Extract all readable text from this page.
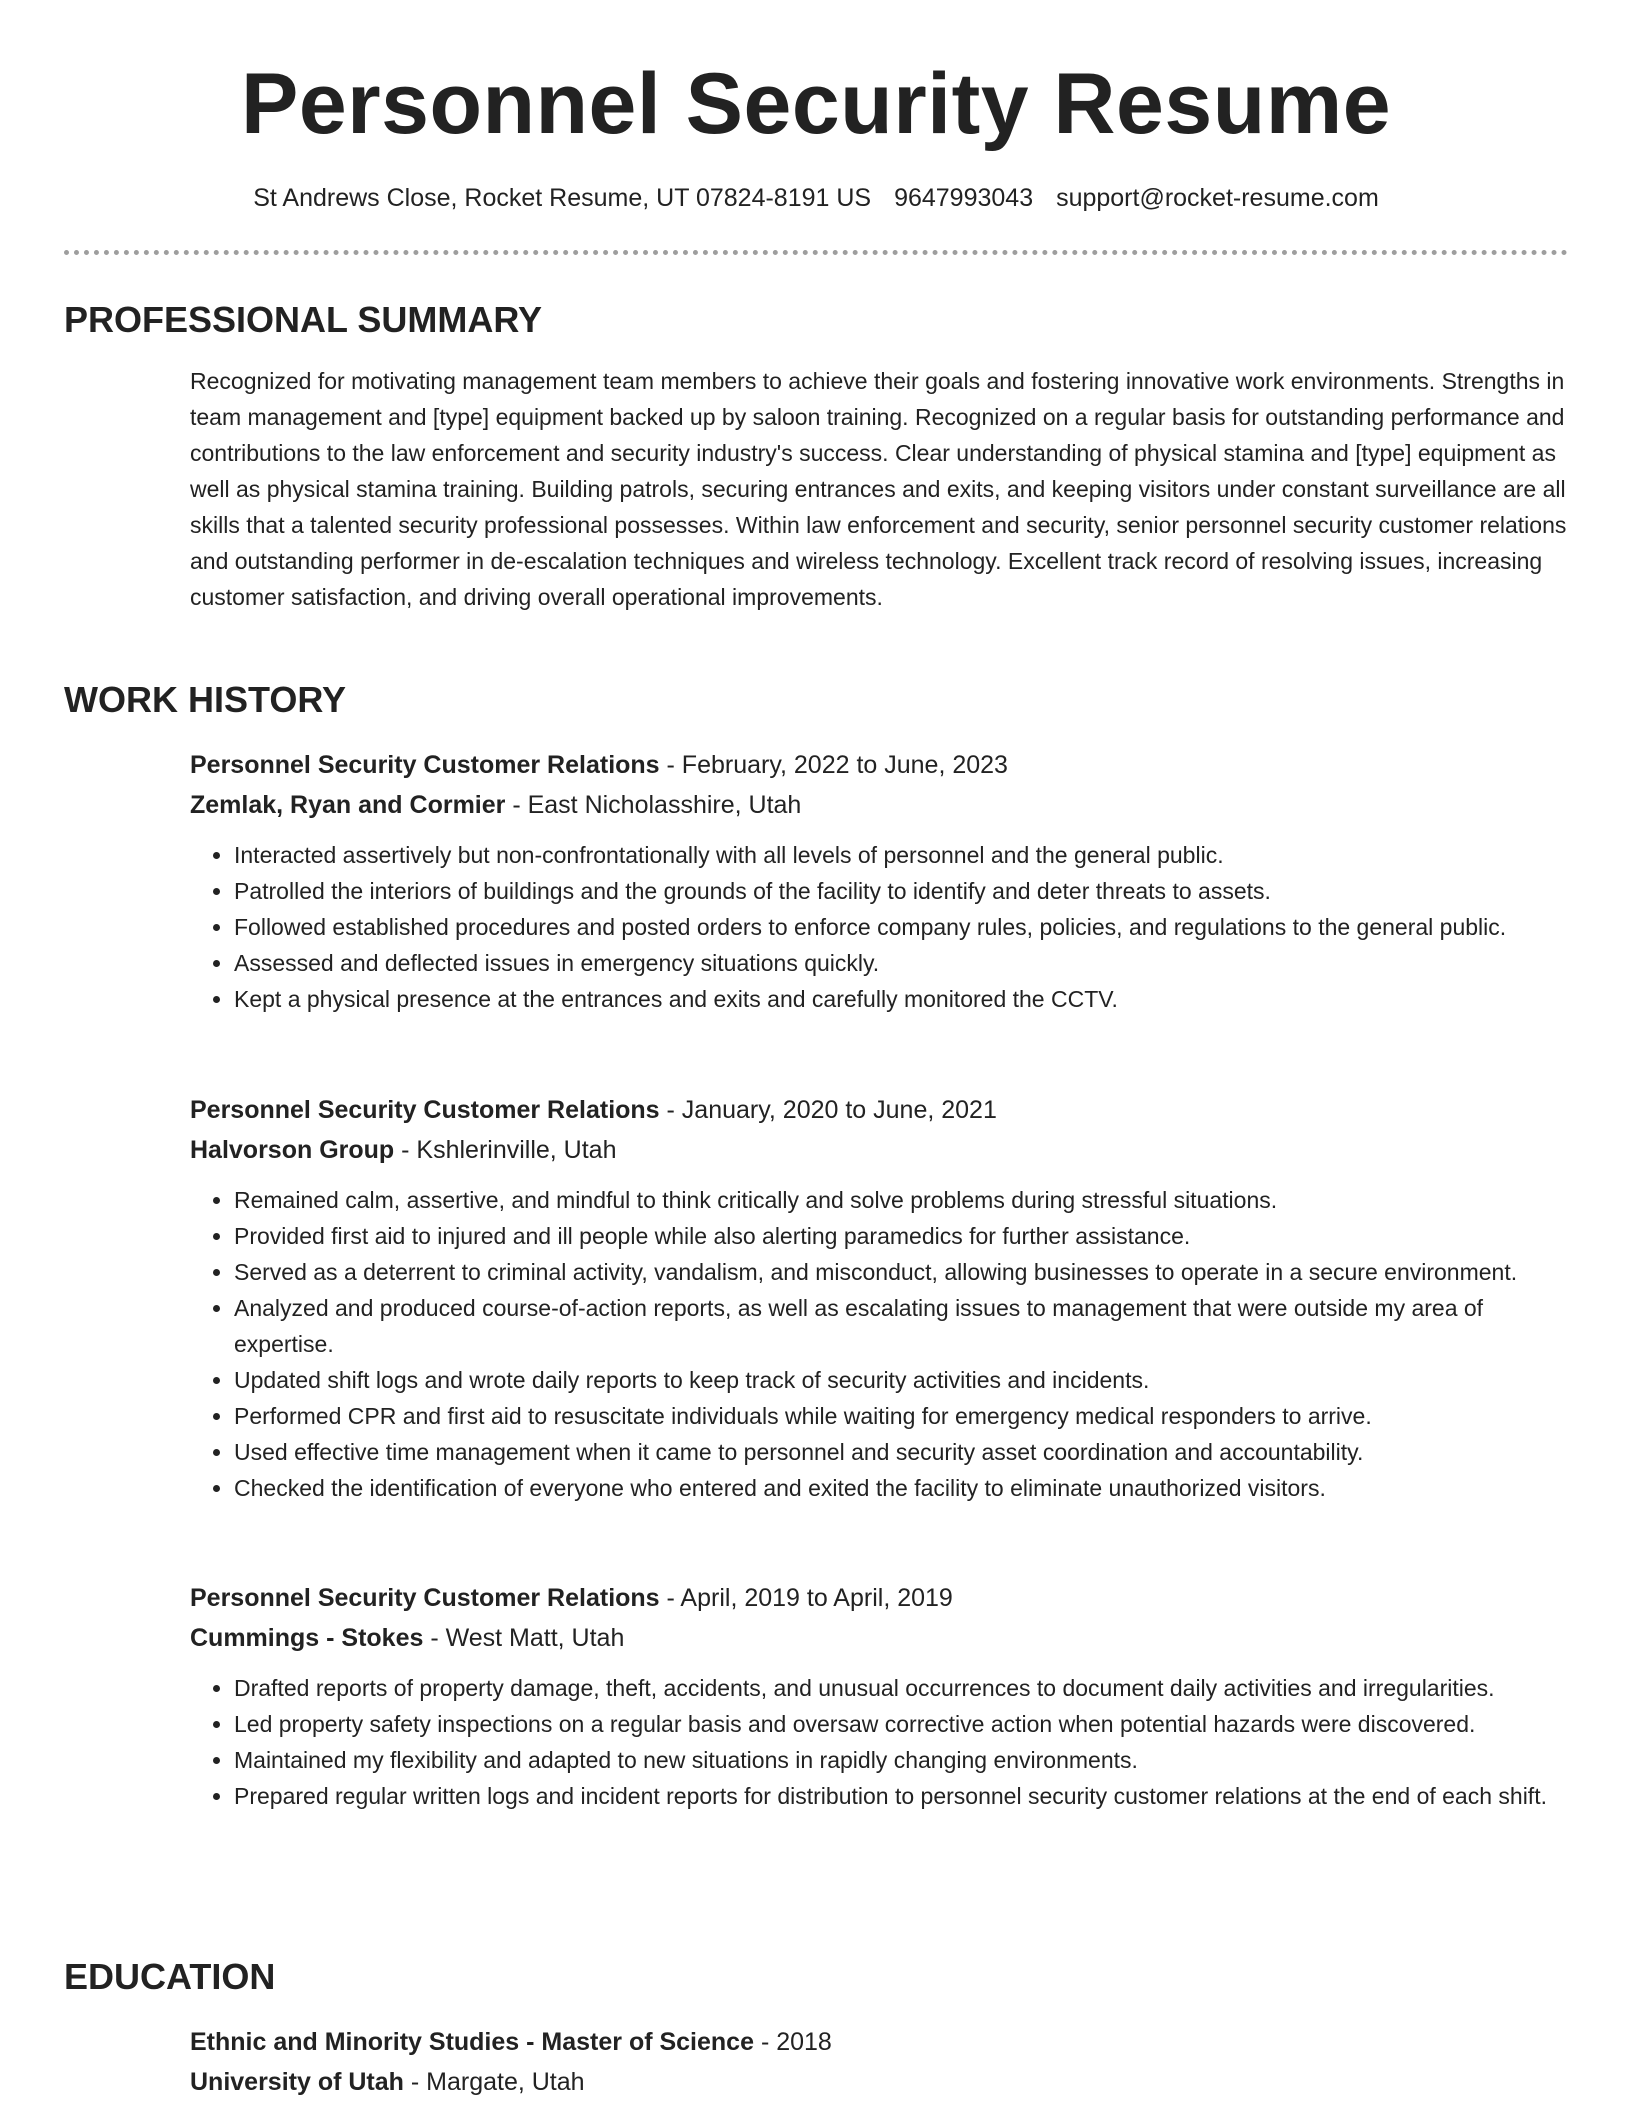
Personnel Security Resume
St Andrews Close, Rocket Resume, UT 07824-8191 US 9647993043 support@rocket-resume.com
PROFESSIONAL SUMMARY

Recognized for motivating management team members to achieve their goals and fostering innovative work environments. Strengths in team management and [type] equipment backed up by saloon training. Recognized on a regular basis for outstanding performance and contributions to the law enforcement and security industry's success. Clear understanding of physical stamina and [type] equipment as well as physical stamina training. Building patrols, securing entrances and exits, and keeping visitors under constant surveillance are all skills that a talented security professional possesses. Within law enforcement and security, senior personnel security customer relations and outstanding performer in de-escalation techniques and wireless technology. Excellent track record of resolving issues, increasing customer satisfaction, and driving overall operational improvements.

WORK HISTORY

Personnel Security Customer Relations - February, 2022 to June, 2023

Zemlak, Ryan and Cormier - East Nicholasshire, Utah

• Interacted assertively but non-confrontationally with all levels of personnel and the general public.
• Patrolled the interiors of buildings and the grounds of the facility to identify and deter threats to assets.
• Followed established procedures and posted orders to enforce company rules, policies, and regulations to the general public.
• Assessed and deflected issues in emergency situations quickly.
• Kept a physical presence at the entrances and exits and carefully monitored the CCTV.

Personnel Security Customer Relations - January, 2020 to June, 2021

Halvorson Group - Kshlerinville, Utah

• Remained calm, assertive, and mindful to think critically and solve problems during stressful situations.
• Provided first aid to injured and ill people while also alerting paramedics for further assistance.
• Served as a deterrent to criminal activity, vandalism, and misconduct, allowing businesses to operate in a secure environment.
• Analyzed and produced course-of-action reports, as well as escalating issues to management that were outside my area of expertise.
• Updated shift logs and wrote daily reports to keep track of security activities and incidents.
• Performed CPR and first aid to resuscitate individuals while waiting for emergency medical responders to arrive.
• Used effective time management when it came to personnel and security asset coordination and accountability.
• Checked the identification of everyone who entered and exited the facility to eliminate unauthorized visitors.

Personnel Security Customer Relations - April, 2019 to April, 2019

Cummings - Stokes - West Matt, Utah

• Drafted reports of property damage, theft, accidents, and unusual occurrences to document daily activities and irregularities.
• Led property safety inspections on a regular basis and oversaw corrective action when potential hazards were discovered.
• Maintained my flexibility and adapted to new situations in rapidly changing environments.
• Prepared regular written logs and incident reports for distribution to personnel security customer relations at the end of each shift.
EDUCATION

Ethnic and Minority Studies - Master of Science - 2018

University of Utah - Margate, Utah
